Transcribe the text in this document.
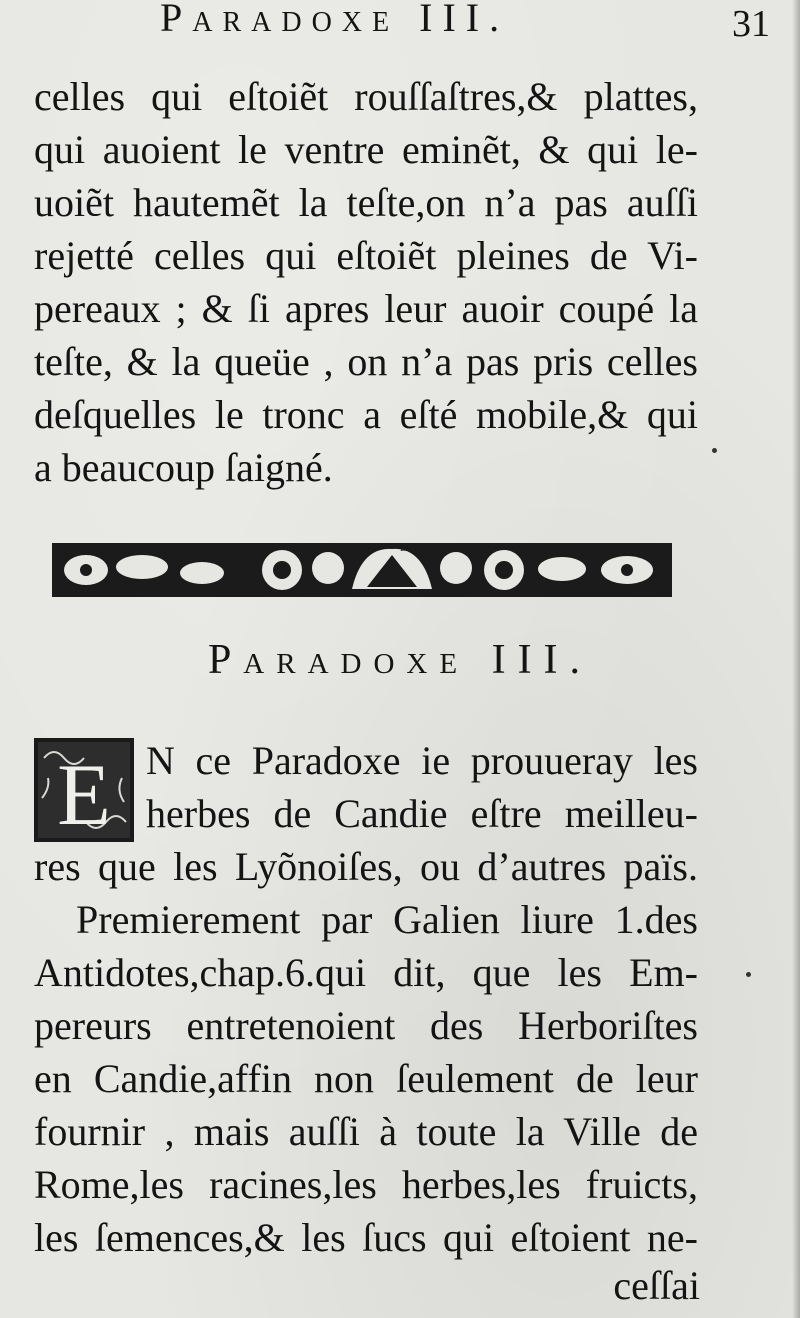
Paradoxe III.	31
celles qui eſtoiẽt rouſſaſtres,& plattes,
qui auoient le ventre eminẽt, & qui le-
uoiẽt hautemẽt la teſte,on n’a pas auſſi
rejetté celles qui eſtoiẽt pleines de Vi-
pereaux ; & ſi apres leur auoir coupé la
teſte, & la queüe , on n’a pas pris celles
deſquelles le tronc a eſté mobile,& qui
a beaucoup ſaigné.
P	D
Paradoxe III.
E N ce Paradoxe ie prouueray les
herbes de Candie eſtre meilleu-
res que les Lyõnoiſes, ou d’autres païs.
Premierement par Galien liure 1.des
Antidotes,chap.6.qui dit, que les Em-
pereurs entretenoient des Herboriſtes
en Candie,affin non ſeulement de leur
fournir , mais auſſi à toute la Ville de
Rome,les racines,les herbes,les fruicts,
les ſemences,& les ſucs qui eſtoient ne-
ceſſai
